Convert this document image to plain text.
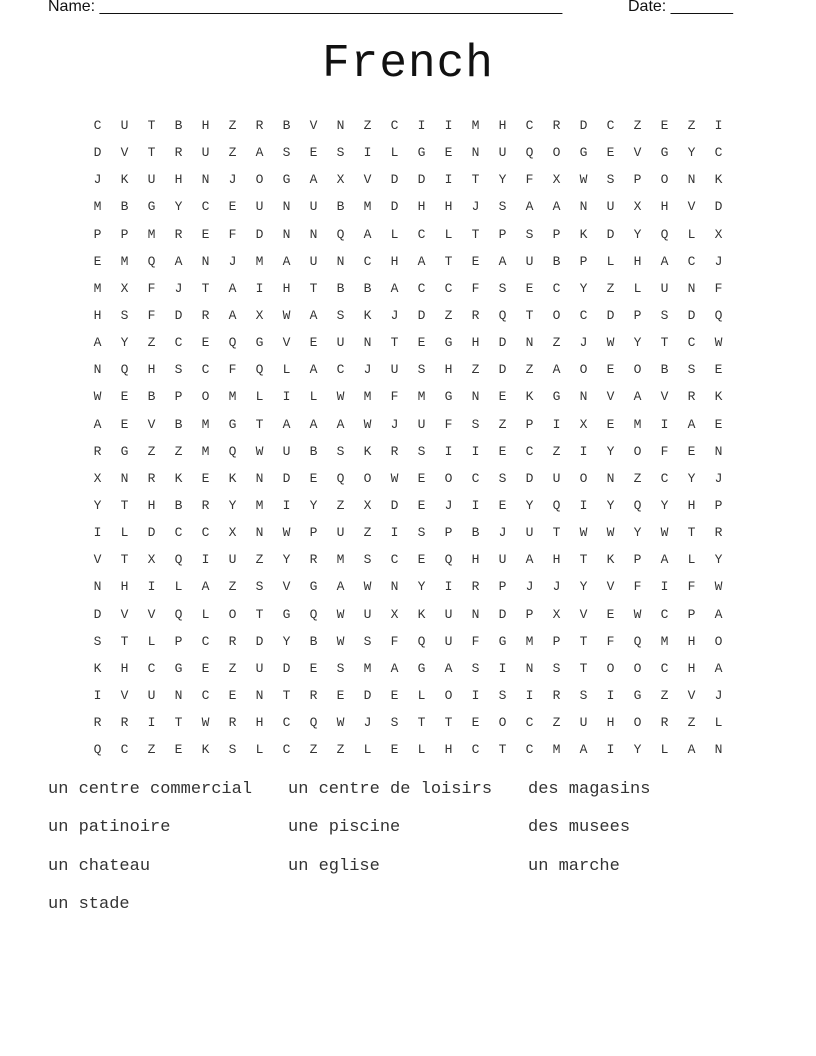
Name: ____________________________________________________	Date: _______
French
C	U	T	B	H	Z	R	B	V	N	Z	C	I	I	M	H	C	R	D	C	Z	E	Z	I
D	V	T	R	U	Z	A	S	E	S	I	L	G	E	N	U	Q	O	G	E	V	G	Y	C
J	K	U	H	N	J	O	G	A	X	V	D	D	I	T	Y	F	X	W	S	P	O	N	K
M	B	G	Y	C	E	U	N	U	B	M	D	H	H	J	S	A	A	N	U	X	H	V	D
P	P	M	R	E	F	D	N	N	Q	A	L	C	L	T	P	S	P	K	D	Y	Q	L	X
E	M	Q	A	N	J	M	A	U	N	C	H	A	T	E	A	U	B	P	L	H	A	C	J
M	X	F	J	T	A	I	H	T	B	B	A	C	C	F	S	E	C	Y	Z	L	U	N	F
H	S	F	D	R	A	X	W	A	S	K	J	D	Z	R	Q	T	O	C	D	P	S	D	Q
A	Y	Z	C	E	Q	G	V	E	U	N	T	E	G	H	D	N	Z	J	W	Y	T	C	W
N	Q	H	S	C	F	Q	L	A	C	J	U	S	H	Z	D	Z	A	O	E	O	B	S	E
W	E	B	P	O	M	L	I	L	W	M	F	M	G	N	E	K	G	N	V	A	V	R	K
A	E	V	B	M	G	T	A	A	A	W	J	U	F	S	Z	P	I	X	E	M	I	A	E
R	G	Z	Z	M	Q	W	U	B	S	K	R	S	I	I	E	C	Z	I	Y	O	F	E	N
X	N	R	K	E	K	N	D	E	Q	O	W	E	O	C	S	D	U	O	N	Z	C	Y	J
Y	T	H	B	R	Y	M	I	Y	Z	X	D	E	J	I	E	Y	Q	I	Y	Q	Y	H	P
I	L	D	C	C	X	N	W	P	U	Z	I	S	P	B	J	U	T	W	W	Y	W	T	R
V	T	X	Q	I	U	Z	Y	R	M	S	C	E	Q	H	U	A	H	T	K	P	A	L	Y
N	H	I	L	A	Z	S	V	G	A	W	N	Y	I	R	P	J	J	Y	V	F	I	F	W
D	V	V	Q	L	O	T	G	Q	W	U	X	K	U	N	D	P	X	V	E	W	C	P	A
S	T	L	P	C	R	D	Y	B	W	S	F	Q	U	F	G	M	P	T	F	Q	M	H	O
K	H	C	G	E	Z	U	D	E	S	M	A	G	A	S	I	N	S	T	O	O	C	H	A
I	V	U	N	C	E	N	T	R	E	D	E	L	O	I	S	I	R	S	I	G	Z	V	J
R	R	I	T	W	R	H	C	Q	W	J	S	T	T	E	O	C	Z	U	H	O	R	Z	L
Q	C	Z	E	K	S	L	C	Z	Z	L	E	L	H	C	T	C	M	A	I	Y	L	A	N
un centre commercial	un centre de loisirs	des magasins
un patinoire	une piscine	des musees
un chateau	un eglise	un marche
un stade
